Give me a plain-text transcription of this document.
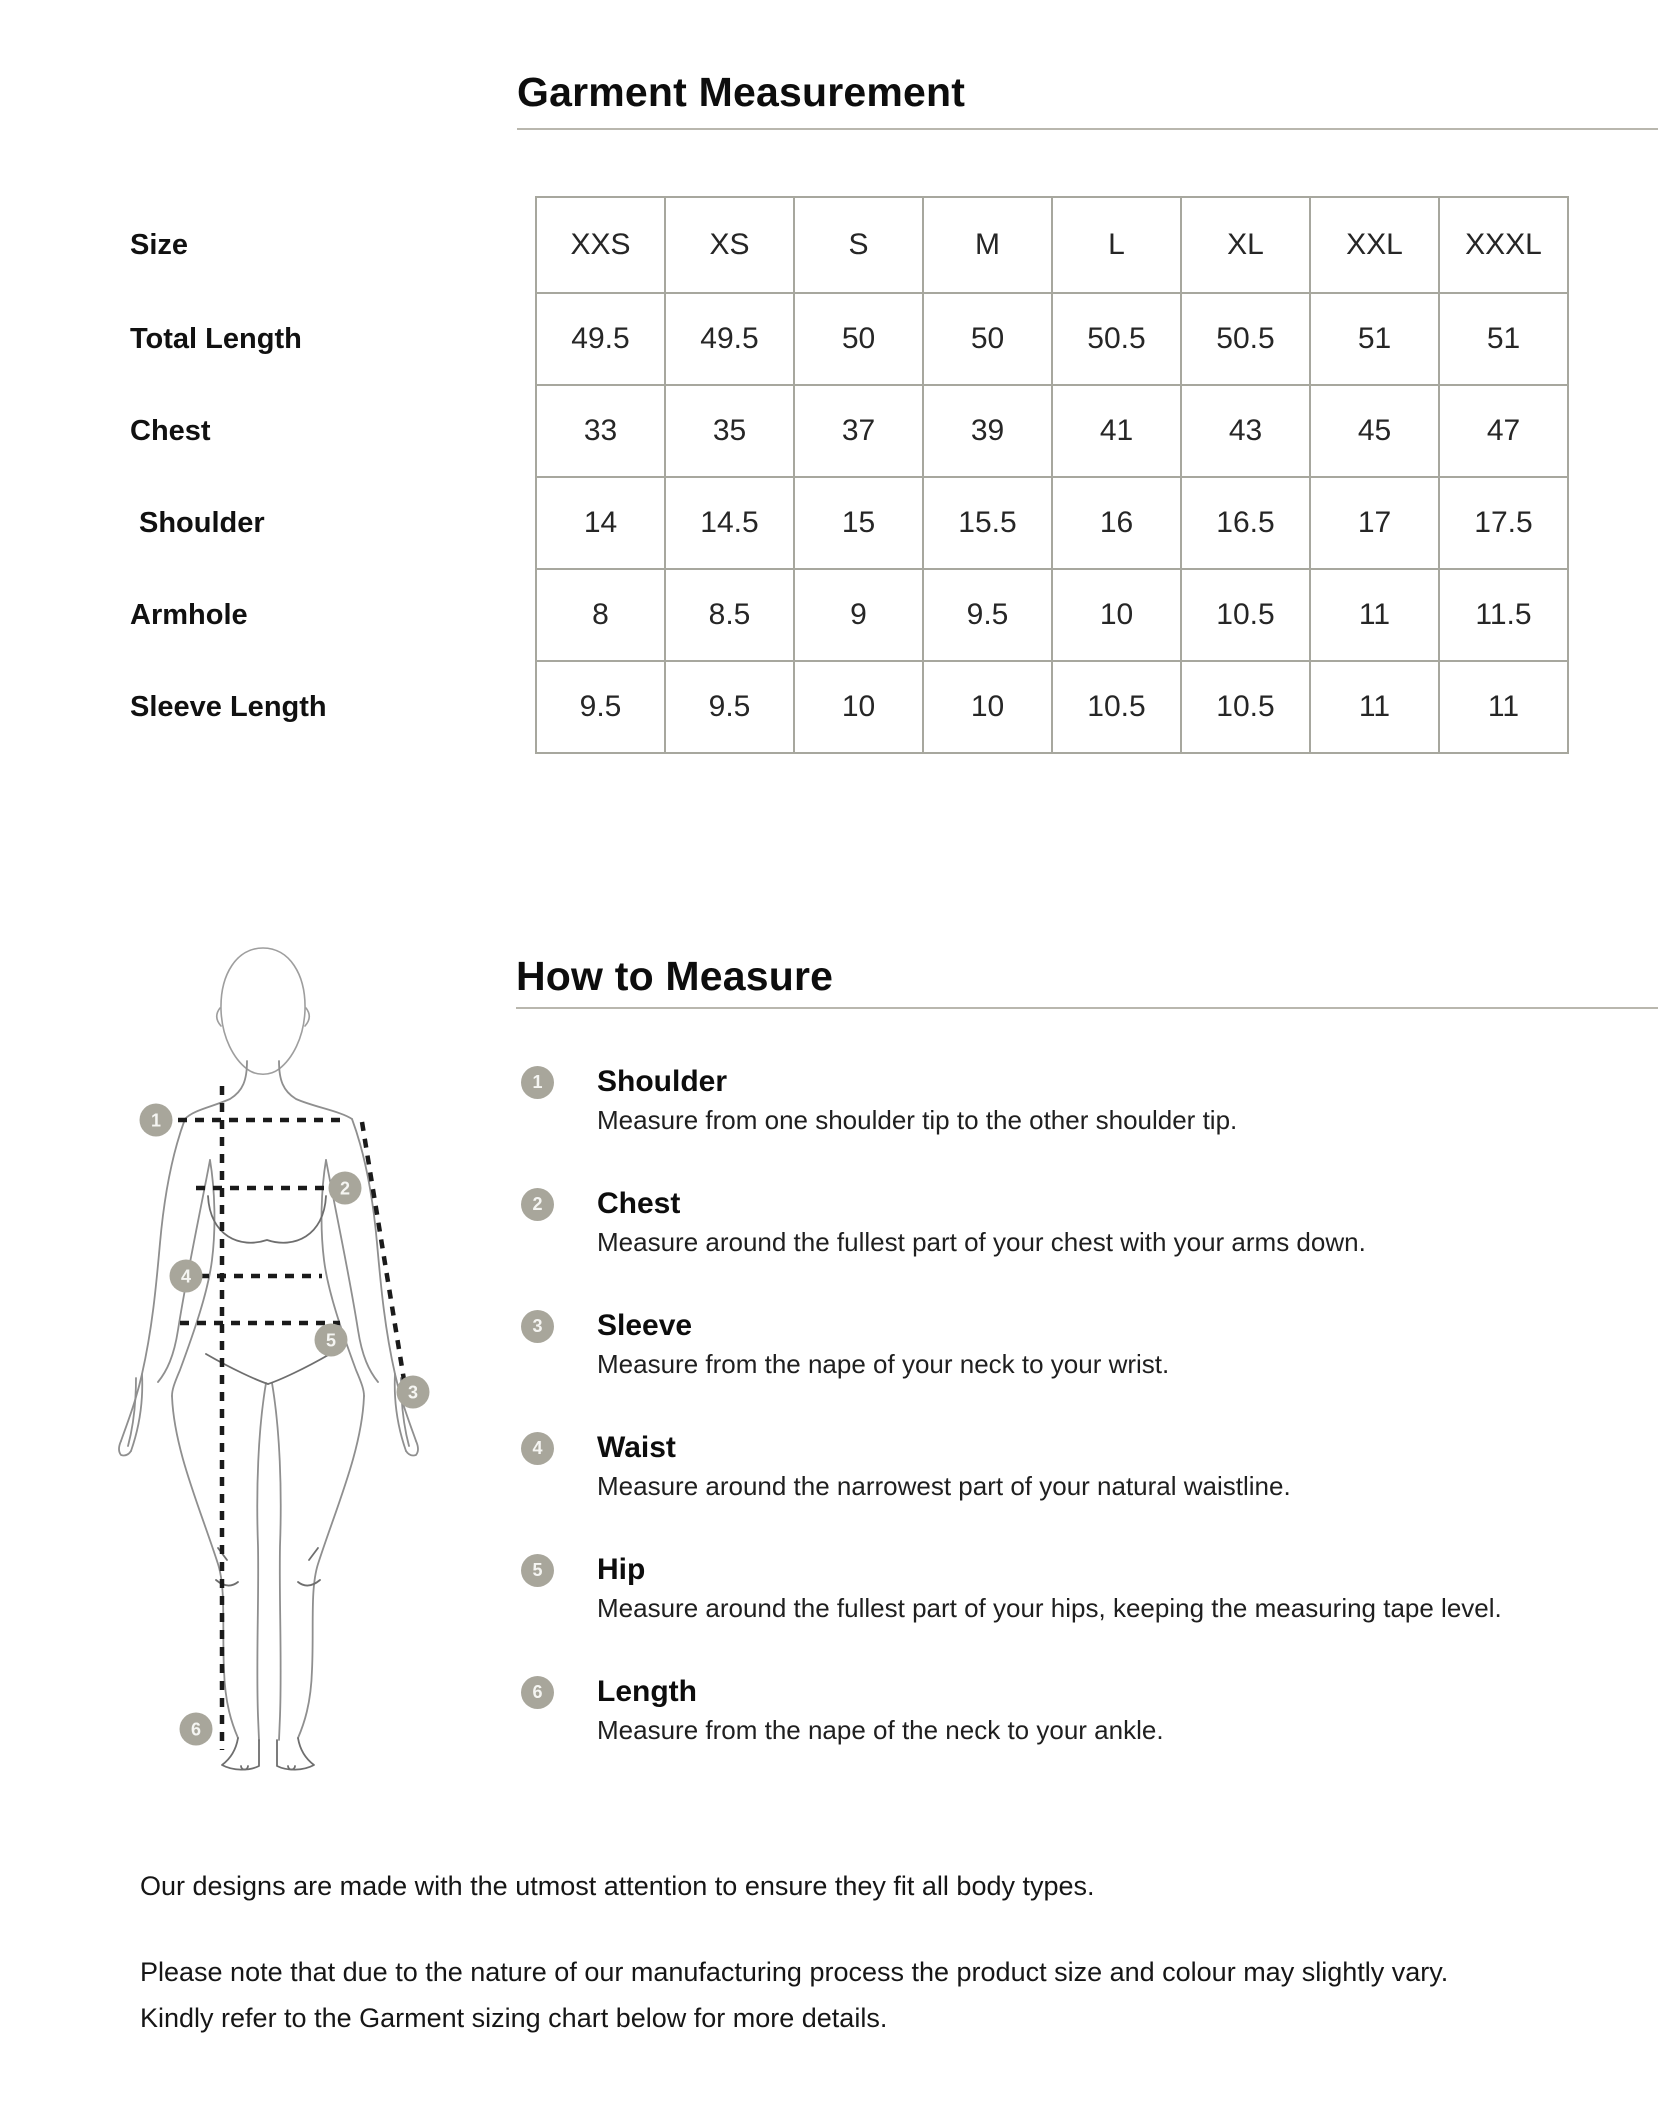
Garment Measurement
Size	XXS	XS	S	M	L	XL	XXL	XXXL
Total Length	49.5	49.5	50	50	50.5	50.5	51	51
Chest	33	35	37	39	41	43	45	47
Shoulder	14	14.5	15	15.5	16	16.5	17	17.5
Armhole	8	8.5	9	9.5	10	10.5	11	11.5
Sleeve Length	9.5	9.5	10	10	10.5	10.5	11	11
1
2
3
4
5
6
How to Measure
1	Shoulder
Measure from one shoulder tip to the other shoulder tip.
2	Chest
Measure around the fullest part of your chest with your arms down.
3	Sleeve
Measure from the nape of your neck to your wrist.
4	Waist
Measure around the narrowest part of your natural waistline.
5	Hip
Measure around the fullest part of your hips, keeping the measuring tape level.
6	Length
Measure from the nape of the neck to your ankle.
Our designs are made with the utmost attention to ensure they fit all body types.
Please note that due to the nature of our manufacturing process the product size and colour may slightly vary.
Kindly refer to the Garment sizing chart below for more details.
